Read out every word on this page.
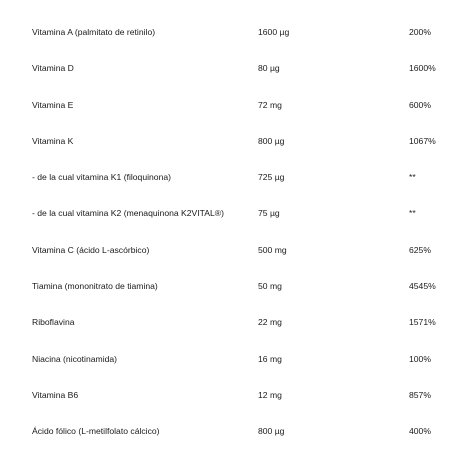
Vitamina A (palmitato de retinilo)	1600 µg	200%
Vitamina D	80 µg	1600%
Vitamina E	72 mg	600%
Vitamina K	800 µg	1067%
- de la cual vitamina K1 (filoquinona)	725 µg	**
- de la cual vitamina K2 (menaquinona K2VITAL®)	75 µg	**
Vitamina C (ácido L-ascórbico)	500 mg	625%
Tiamina (mononitrato de tiamina)	50 mg	4545%
Riboflavina	22 mg	1571%
Niacina (nicotinamida)	16 mg	100%
Vitamina B6	12 mg	857%
Ácido fólico (L-metilfolato cálcico)	800 µg	400%
